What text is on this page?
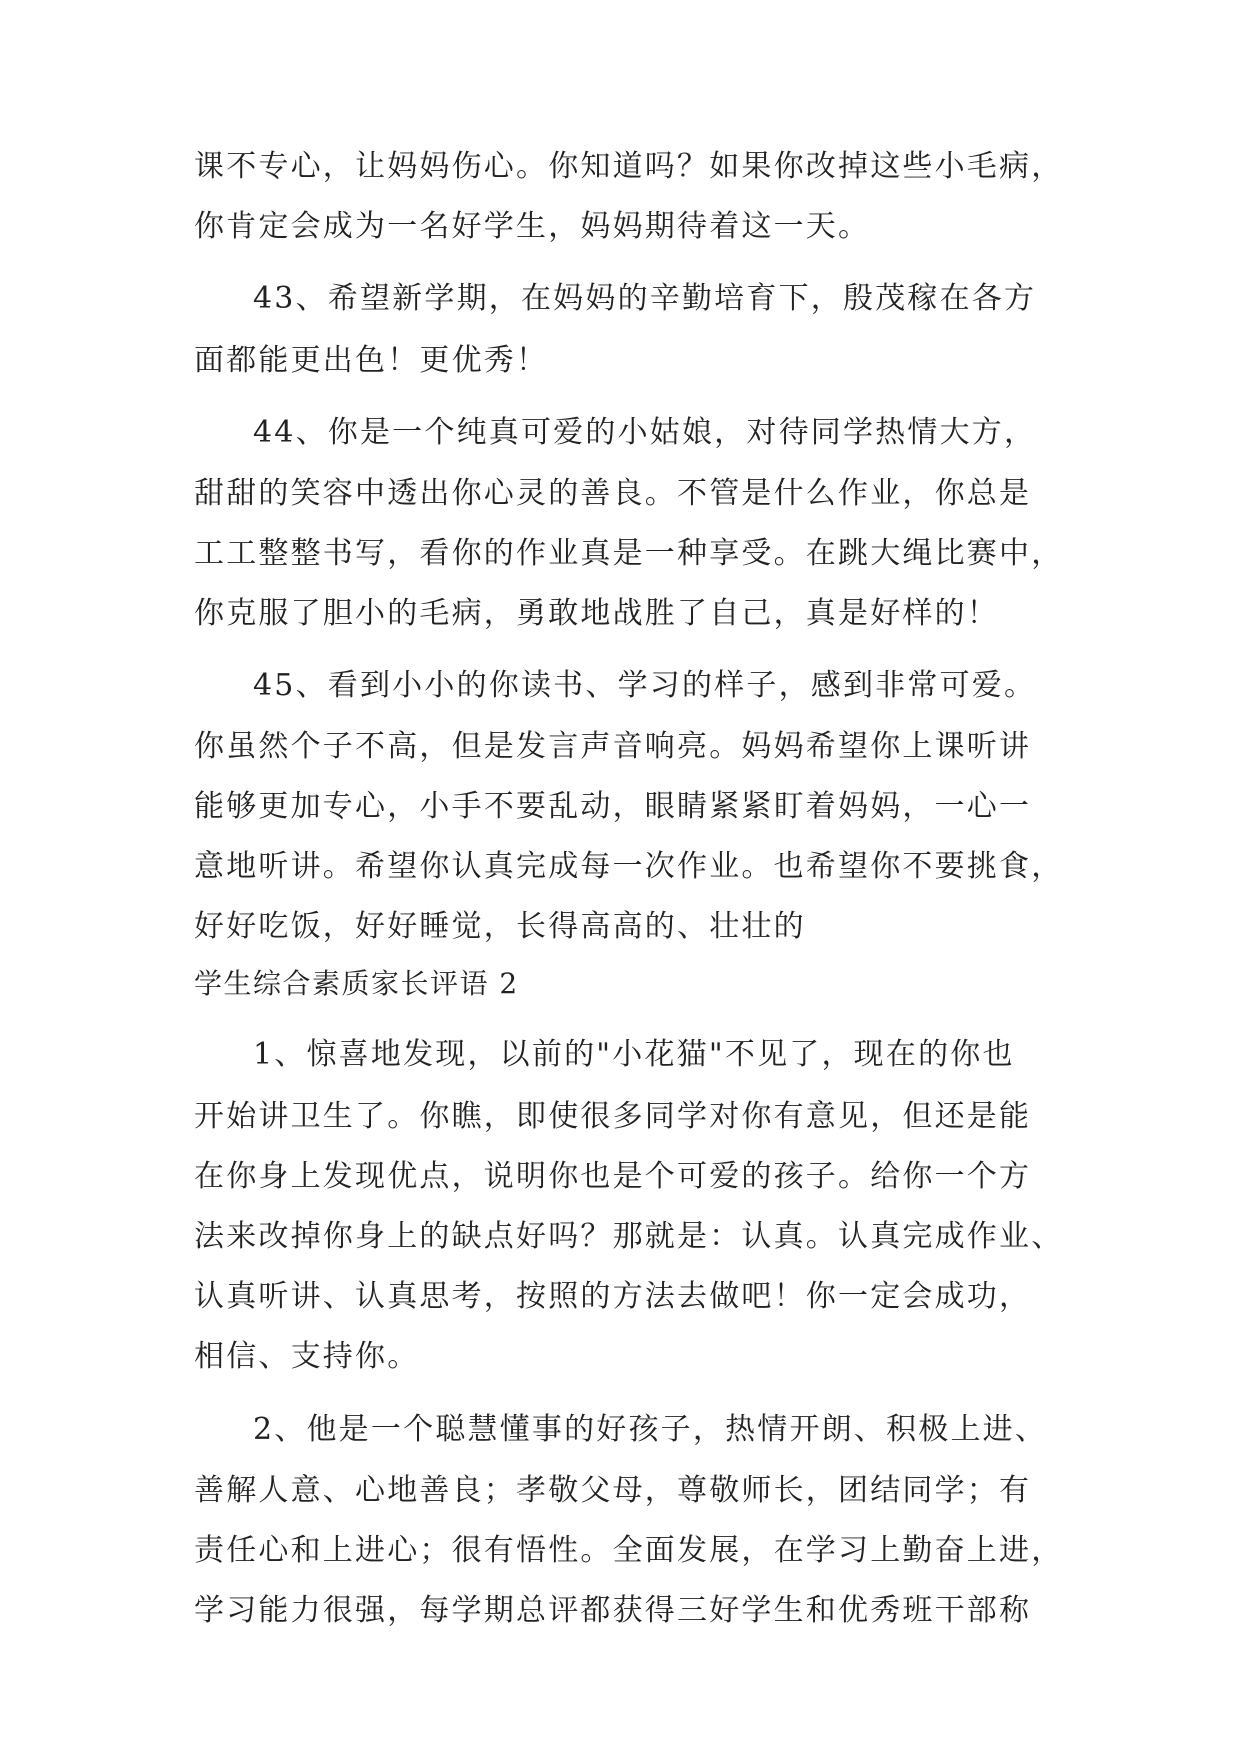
课不专心，让妈妈伤心。你知道吗？如果你改掉这些小毛病，
你肯定会成为一名好学生，妈妈期待着这一天。
43、希望新学期，在妈妈的辛勤培育下，殷茂稼在各方
面都能更出色！更优秀！
44、你是一个纯真可爱的小姑娘，对待同学热情大方，
甜甜的笑容中透出你心灵的善良。不管是什么作业，你总是
工工整整书写，看你的作业真是一种享受。在跳大绳比赛中，
你克服了胆小的毛病，勇敢地战胜了自己，真是好样的！
45、看到小小的你读书、学习的样子，感到非常可爱。
你虽然个子不高，但是发言声音响亮。妈妈希望你上课听讲
能够更加专心，小手不要乱动，眼睛紧紧盯着妈妈，一心一
意地听讲。希望你认真完成每一次作业。也希望你不要挑食，
好好吃饭，好好睡觉，长得高高的、壮壮的
学生综合素质家长评语 2
1、惊喜地发现，以前的"小花猫"不见了，现在的你也
开始讲卫生了。你瞧，即使很多同学对你有意见，但还是能
在你身上发现优点，说明你也是个可爱的孩子。给你一个方
法来改掉你身上的缺点好吗？那就是：认真。认真完成作业、
认真听讲、认真思考，按照的方法去做吧！你一定会成功，
相信、支持你。
2、他是一个聪慧懂事的好孩子，热情开朗、积极上进、
善解人意、心地善良；孝敬父母，尊敬师长，团结同学；有
责任心和上进心；很有悟性。全面发展，在学习上勤奋上进，
学习能力很强，每学期总评都获得三好学生和优秀班干部称
